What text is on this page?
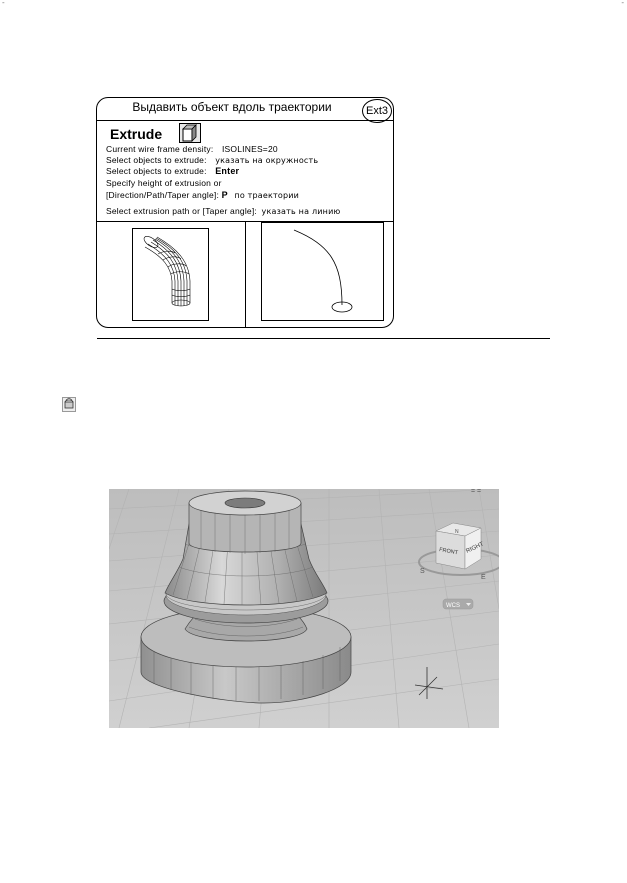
-	-
Выдавить объект вдоль траектории	Ext3
Extrude
Current wire frame density: ISOLINES=20
Select objects to extrude: указать на окружность
Select objects to extrude: Enter
Specify height of extrusion or
[Direction/Path/Taper angle]: P по траектории
Select extrusion path or [Taper angle]: указать на линию
= =
FRONT RIGHT
N
S
E
WCS
